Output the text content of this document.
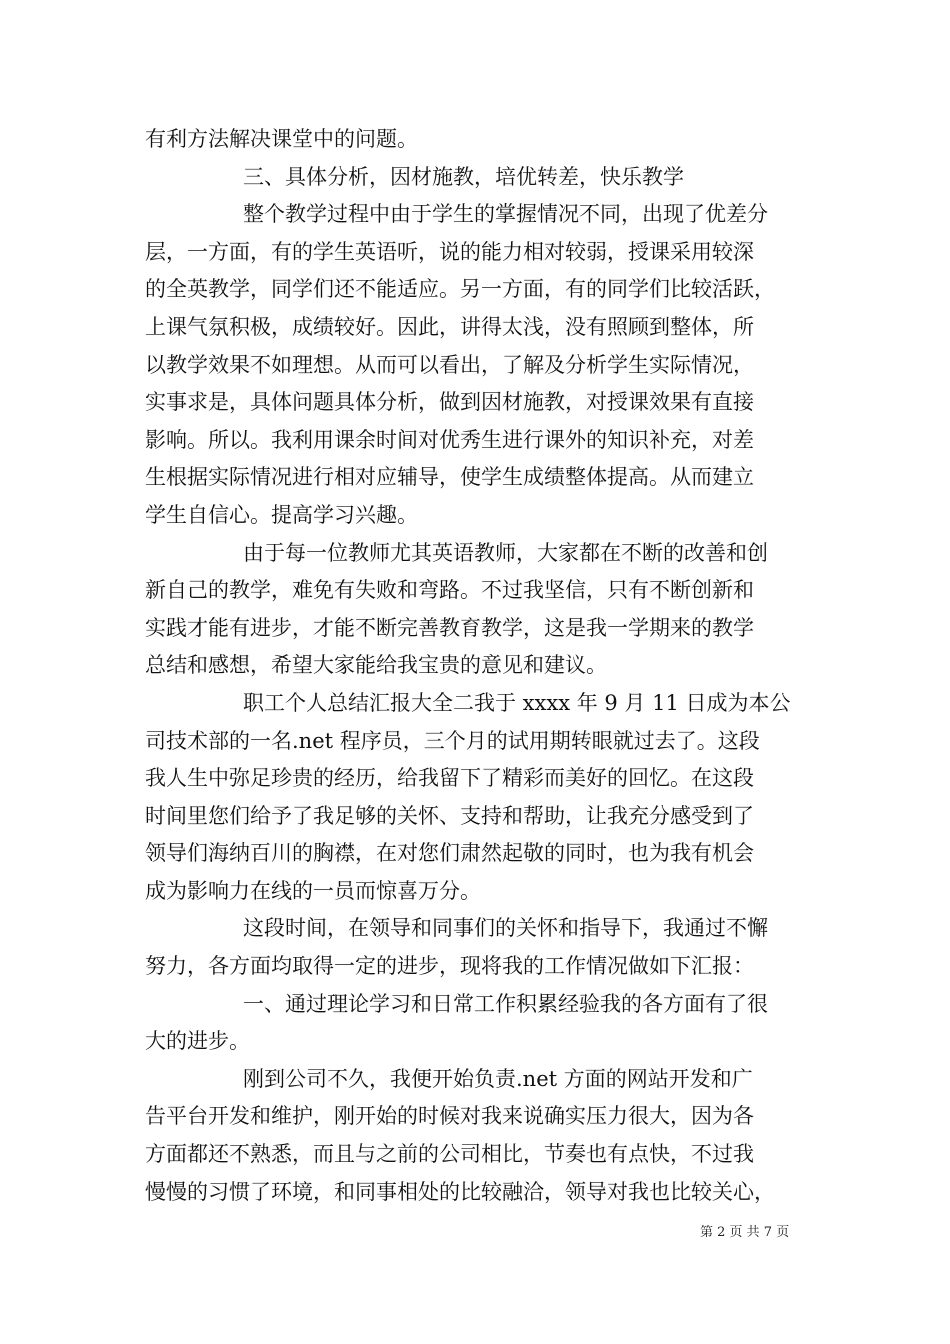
有利方法解决课堂中的问题。
三、具体分析，因材施教，培优转差，快乐教学
整个教学过程中由于学生的掌握情况不同，出现了优差分
层，一方面，有的学生英语听，说的能力相对较弱，授课采用较深
的全英教学，同学们还不能适应。另一方面，有的同学们比较活跃，
上课气氛积极，成绩较好。因此，讲得太浅，没有照顾到整体，所
以教学效果不如理想。从而可以看出，了解及分析学生实际情况，
实事求是，具体问题具体分析，做到因材施教，对授课效果有直接
影响。所以。我利用课余时间对优秀生进行课外的知识补充，对差
生根据实际情况进行相对应辅导，使学生成绩整体提高。从而建立
学生自信心。提高学习兴趣。
由于每一位教师尤其英语教师，大家都在不断的改善和创
新自己的教学，难免有失败和弯路。不过我坚信，只有不断创新和
实践才能有进步，才能不断完善教育教学，这是我一学期来的教学
总结和感想，希望大家能给我宝贵的意见和建议。
职工个人总结汇报大全二我于 xxxx 年 9 月 11 日成为本公
司技术部的一名.net 程序员，三个月的试用期转眼就过去了。这段
我人生中弥足珍贵的经历，给我留下了精彩而美好的回忆。在这段
时间里您们给予了我足够的关怀、支持和帮助，让我充分感受到了
领导们海纳百川的胸襟，在对您们肃然起敬的同时，也为我有机会
成为影响力在线的一员而惊喜万分。
这段时间，在领导和同事们的关怀和指导下，我通过不懈
努力，各方面均取得一定的进步，现将我的工作情况做如下汇报：
一、通过理论学习和日常工作积累经验我的各方面有了很
大的进步。
刚到公司不久，我便开始负责.net 方面的网站开发和广
告平台开发和维护，刚开始的时候对我来说确实压力很大，因为各
方面都还不熟悉，而且与之前的公司相比，节奏也有点快，不过我
慢慢的习惯了环境，和同事相处的比较融洽，领导对我也比较关心，
第 2 页 共 7 页
